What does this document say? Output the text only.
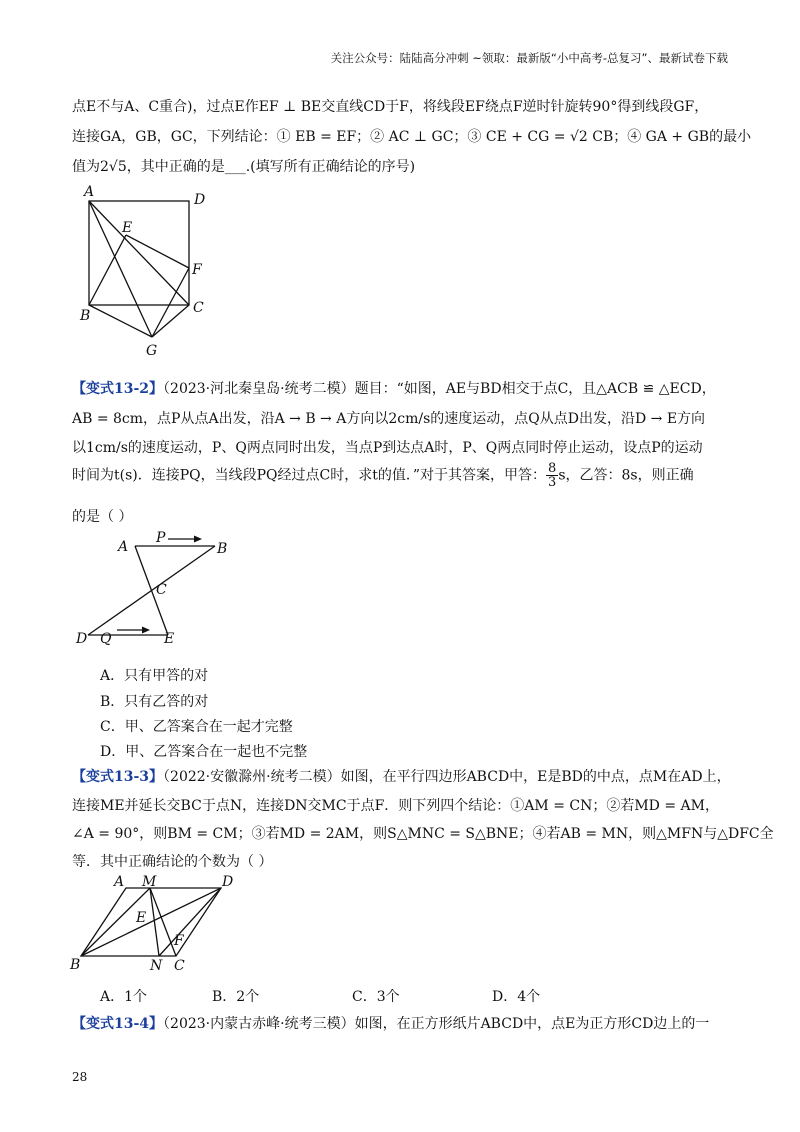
关注公众号：陆陆高分冲刺 ~领取：最新版“小中高考-总复习”、最新试卷下载
点E不与A、C重合)，过点E作EF ⊥ BE交直线CD于F，将线段EF绕点F逆时针旋转90°得到线段GF，
连接GA，GB，GC，下列结论：① EB = EF；② AC ⊥ GC；③ CE + CG = √2 CB；④ GA + GB的最小
值为2√5，其中正确的是___.(填写所有正确结论的序号)
A	D
E
F
B	C
G
【变式13-2】（2023·河北秦皇岛·统考二模）题目：“如图，AE与BD相交于点C，且△ACB ≌ △ECD，
AB = 8cm，点P从点A出发，沿A → B → A方向以2cm/s的速度运动，点Q从点D出发，沿D → E方向
以1cm/s的速度运动，P、Q两点同时出发，当点P到达点A时，P、Q两点同时停止运动，设点P的运动
时间为t(s)．连接PQ，当线段PQ经过点C时，求t的值．”对于其答案，甲答： $\frac{8}{3}$ s，乙答：8s，则正确
的是（ ）
A
P
B
C
D Q	E
A．只有甲答的对
B．只有乙答的对
C．甲、乙答案合在一起才完整
D．甲、乙答案合在一起也不完整
【变式13-3】（2022·安徽滁州·统考二模）如图，在平行四边形ABCD中，E是BD的中点，点M在AD上，
连接ME并延长交BC于点N，连接DN交MC于点F．则下列四个结论：①AM = CN；②若MD = AM，
∠A = 90°，则BM = CM；③若MD = 2AM，则S△MNC = S△BNE；④若AB = MN，则△MFN与△DFC全
等．其中正确结论的个数为（ ）
A M	D
E
F
B	N C
A．1个	B．2个	C．3个	D．4个
【变式13-4】（2023·内蒙古赤峰·统考三模）如图，在正方形纸片ABCD中，点E为正方形CD边上的一
28
